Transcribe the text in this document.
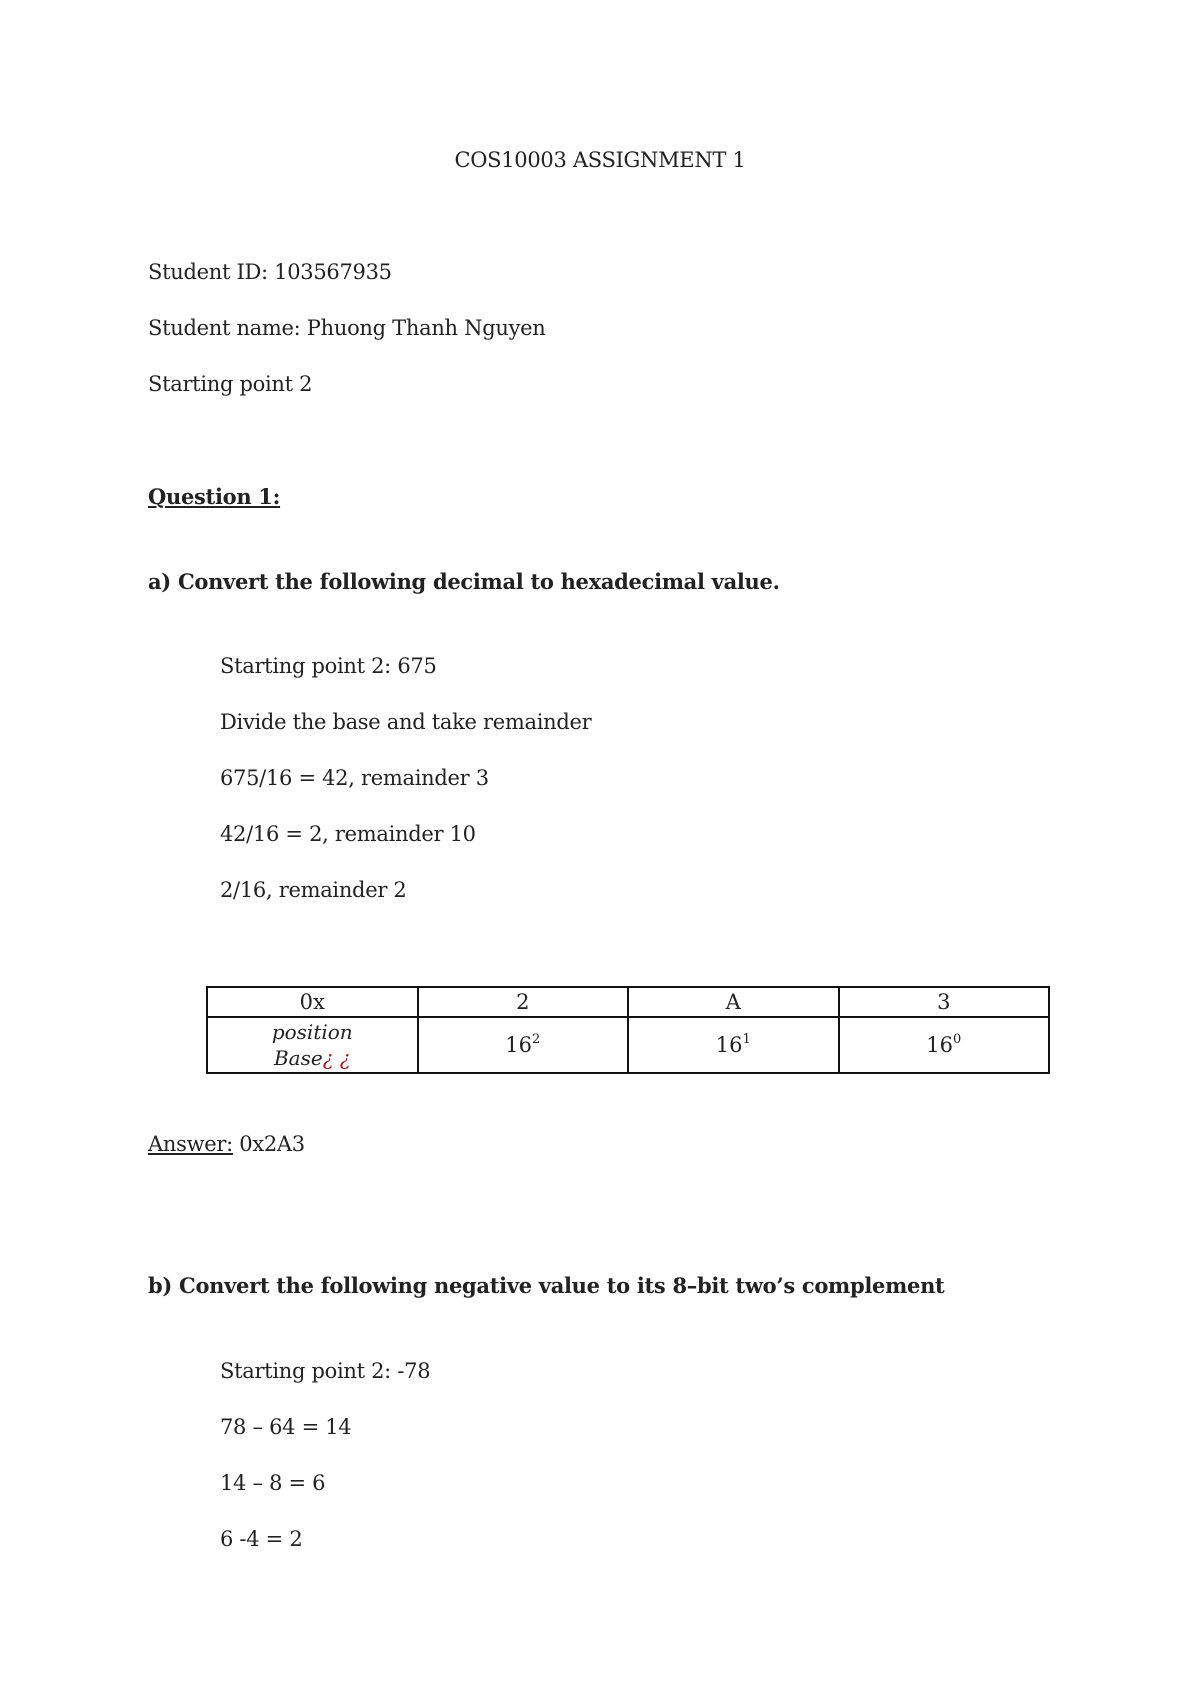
COS10003 ASSIGNMENT 1
Student ID: 103567935
Student name: Phuong Thanh Nguyen
Starting point 2
Question 1:
a) Convert the following decimal to hexadecimal value.
Starting point 2: 675
Divide the base and take remainder
675/16 = 42, remainder 3
42/16 = 2, remainder 10
2/16, remainder 2
0x	2	A	3

position
Base¿ ¿	$16^2$	$16^1$	$16^0$
Answer: 0x2A3
b) Convert the following negative value to its 8–bit two’s complement
Starting point 2: -78
78 – 64 = 14
14 – 8 = 6
6 -4 = 2
